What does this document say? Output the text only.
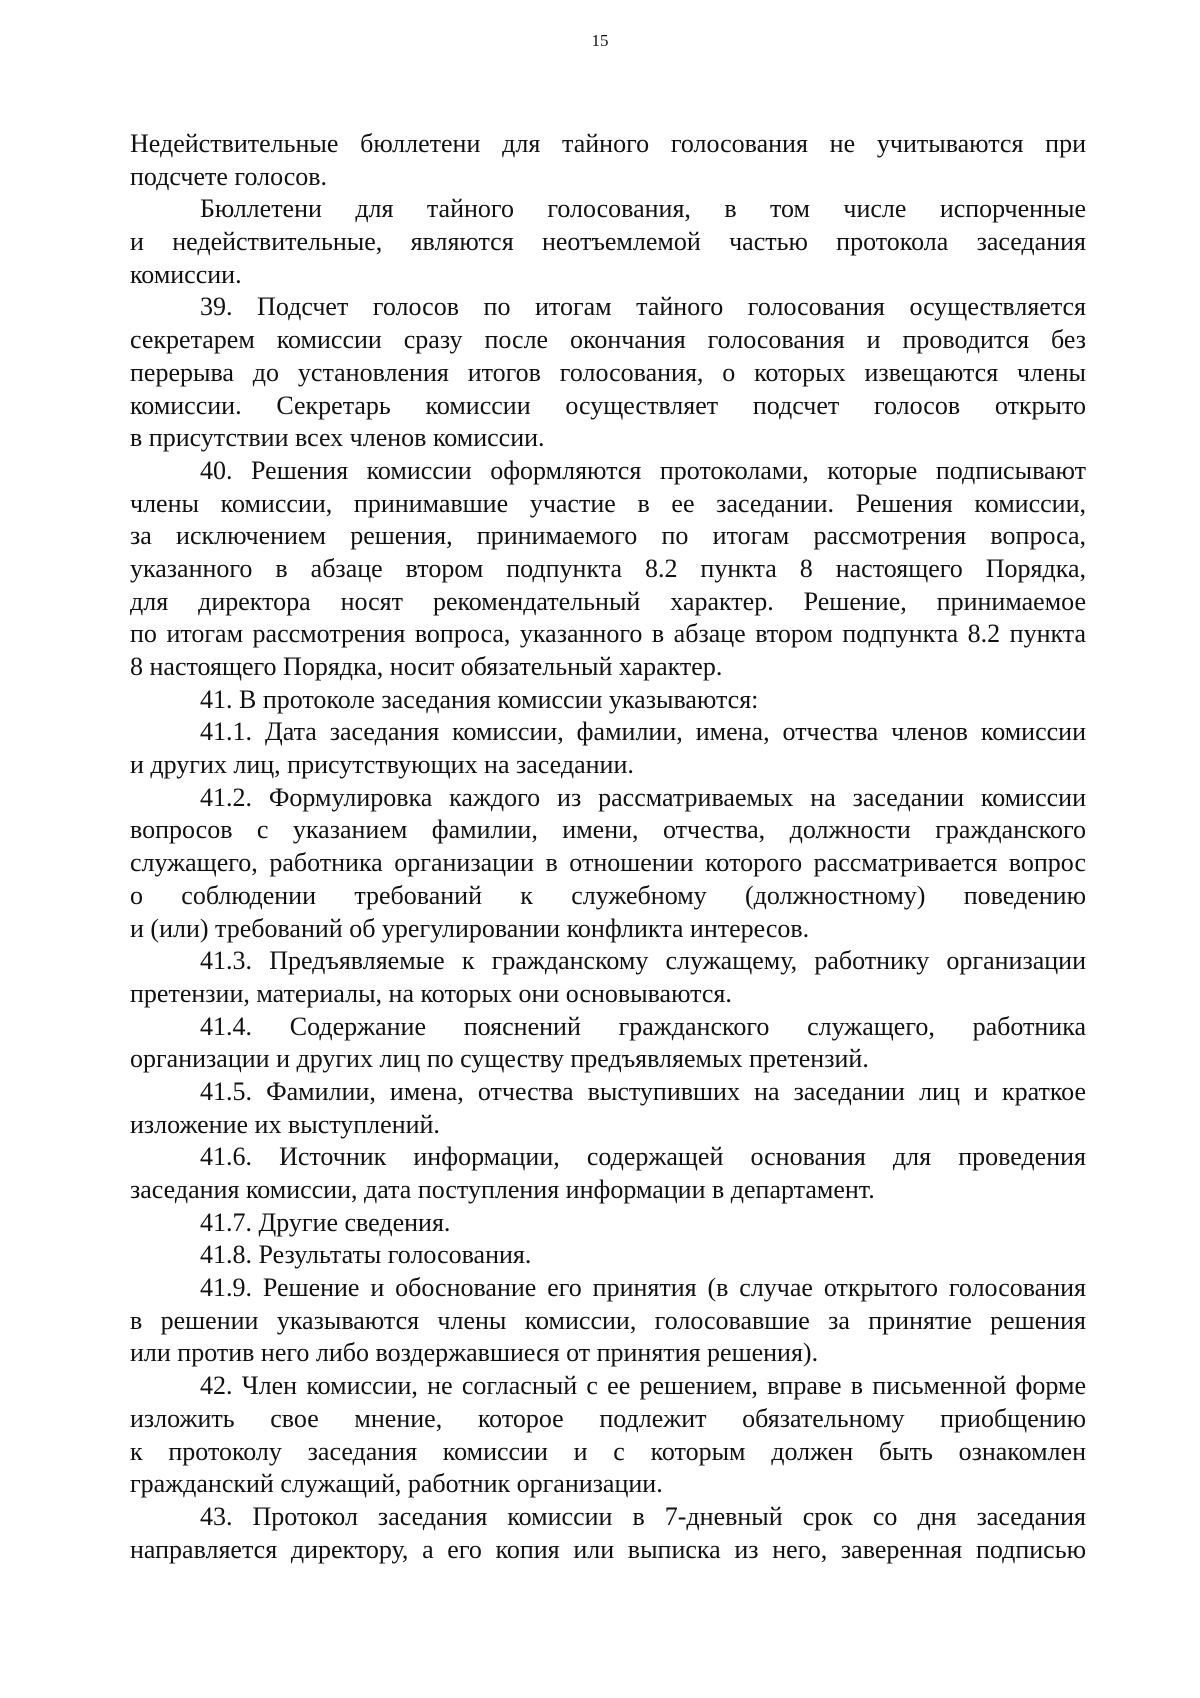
15
Недействительные бюллетени для тайного голосования не учитываются при
подсчете голосов.
Бюллетени для тайного голосования, в том числе испорченные
и недействительные, являются неотъемлемой частью протокола заседания
комиссии.
39. Подсчет голосов по итогам тайного голосования осуществляется
секретарем комиссии сразу после окончания голосования и проводится без
перерыва до установления итогов голосования, о которых извещаются члены
комиссии. Секретарь комиссии осуществляет подсчет голосов открыто
в присутствии всех членов комиссии.
40. Решения комиссии оформляются протоколами, которые подписывают
члены комиссии, принимавшие участие в ее заседании. Решения комиссии,
за исключением решения, принимаемого по итогам рассмотрения вопроса,
указанного в абзаце втором подпункта 8.2 пункта 8 настоящего Порядка,
для директора носят рекомендательный характер. Решение, принимаемое
по итогам рассмотрения вопроса, указанного в абзаце втором подпункта 8.2 пункта
8 настоящего Порядка, носит обязательный характер.
41. В протоколе заседания комиссии указываются:
41.1. Дата заседания комиссии, фамилии, имена, отчества членов комиссии
и других лиц, присутствующих на заседании.
41.2. Формулировка каждого из рассматриваемых на заседании комиссии
вопросов с указанием фамилии, имени, отчества, должности гражданского
служащего, работника организации в отношении которого рассматривается вопрос
о соблюдении требований к служебному (должностному) поведению
и (или) требований об урегулировании конфликта интересов.
41.3. Предъявляемые к гражданскому служащему, работнику организации
претензии, материалы, на которых они основываются.
41.4. Содержание пояснений гражданского служащего, работника
организации и других лиц по существу предъявляемых претензий.
41.5. Фамилии, имена, отчества выступивших на заседании лиц и краткое
изложение их выступлений.
41.6. Источник информации, содержащей основания для проведения
заседания комиссии, дата поступления информации в департамент.
41.7. Другие сведения.
41.8. Результаты голосования.
41.9. Решение и обоснование его принятия (в случае открытого голосования
в решении указываются члены комиссии, голосовавшие за принятие решения
или против него либо воздержавшиеся от принятия решения).
42. Член комиссии, не согласный с ее решением, вправе в письменной форме
изложить свое мнение, которое подлежит обязательному приобщению
к протоколу заседания комиссии и с которым должен быть ознакомлен
гражданский служащий, работник организации.
43. Протокол заседания комиссии в 7-дневный срок со дня заседания
направляется директору, а его копия или выписка из него, заверенная подписью
